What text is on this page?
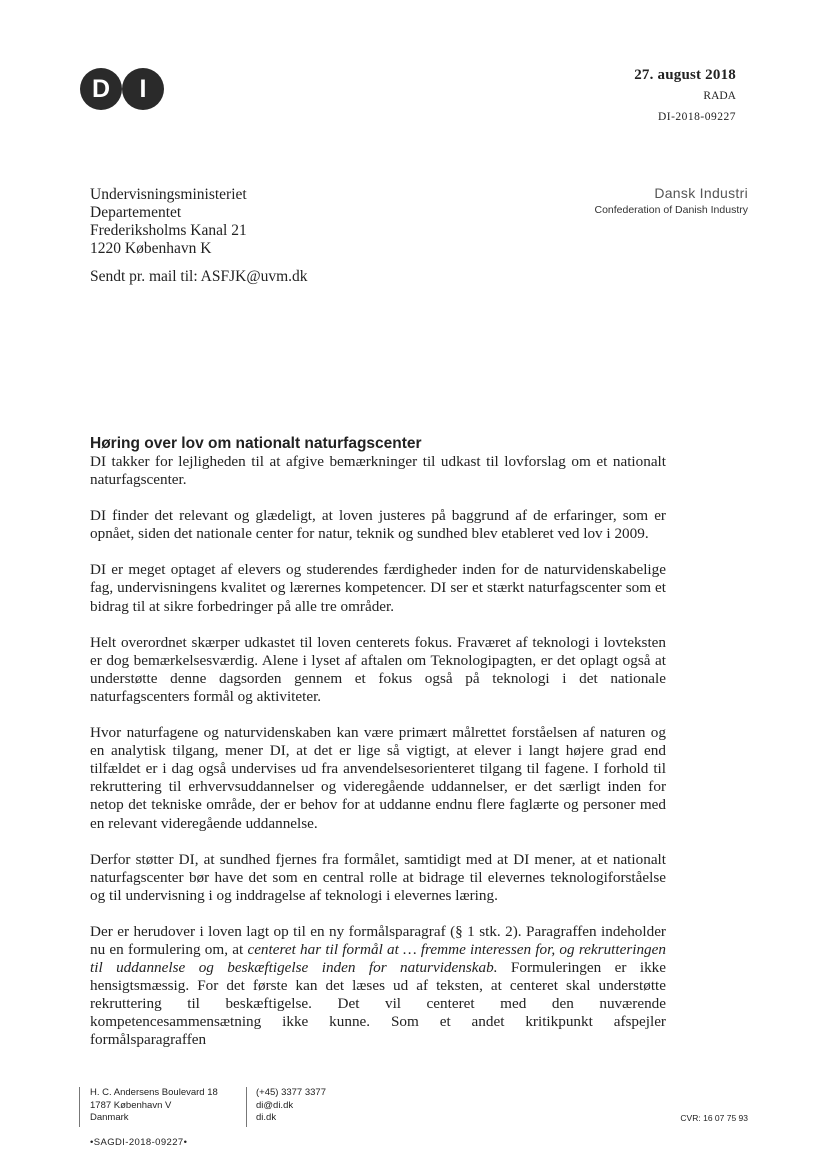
D	I	27. august 2018
RADA
DI-2018-09227
Undervisningsministeriet
Departementet
Frederiksholms Kanal 21
1220 København K
Dansk Industri
Confederation of Danish Industry
Sendt pr. mail til: ASFJK@uvm.dk

Høring over lov om nationalt naturfagscenter

DI takker for lejligheden til at afgive bemærkninger til udkast til lovforslag om et nationalt naturfagscenter.

DI finder det relevant og glædeligt, at loven justeres på baggrund af de erfaringer, som er opnået, siden det nationale center for natur, teknik og sundhed blev etableret ved lov i 2009.

DI er meget optaget af elevers og studerendes færdigheder inden for de naturvidenskabelige fag, undervisningens kvalitet og lærernes kompetencer. DI ser et stærkt naturfagscenter som et bidrag til at sikre forbedringer på alle tre områder.

Helt overordnet skærper udkastet til loven centerets fokus. Fraværet af teknologi i lovteksten er dog bemærkelsesværdig. Alene i lyset af aftalen om Teknologipagten, er det oplagt også at understøtte denne dagsorden gennem et fokus også på teknologi i det nationale naturfagscenters formål og aktiviteter.

Hvor naturfagene og naturvidenskaben kan være primært målrettet forståelsen af naturen og en analytisk tilgang, mener DI, at det er lige så vigtigt, at elever i langt højere grad end tilfældet er i dag også undervises ud fra anvendelsesorienteret tilgang til fagene. I forhold til rekruttering til erhvervsuddannelser og videregående uddannelser, er det særligt inden for netop det tekniske område, der er behov for at uddanne endnu flere faglærte og personer med en relevant videregående uddannelse.

Derfor støtter DI, at sundhed fjernes fra formålet, samtidigt med at DI mener, at et nationalt naturfagscenter bør have det som en central rolle at bidrage til elevernes teknologiforståelse og til undervisning i og inddragelse af teknologi i elevernes læring.

Der er herudover i loven lagt op til en ny formålsparagraf (§ 1 stk. 2). Paragraffen indeholder nu en formulering om, at centeret har til formål at … fremme interessen for, og rekrutteringen til uddannelse og beskæftigelse inden for naturvidenskab. Formuleringen er ikke hensigtsmæssig. For det første kan det læses ud af teksten, at centeret skal understøtte rekruttering til beskæftigelse. Det vil centeret med den nuværende kompetencesammensætning ikke kunne. Som et andet kritikpunkt afspejler formålsparagraffen

H. C. Andersens Boulevard 18
1787 København V
Danmark
(+45) 3377 3377
di@di.dk
di.dk	CVR: 16 07 75 93
•SAGDI-2018-09227•
